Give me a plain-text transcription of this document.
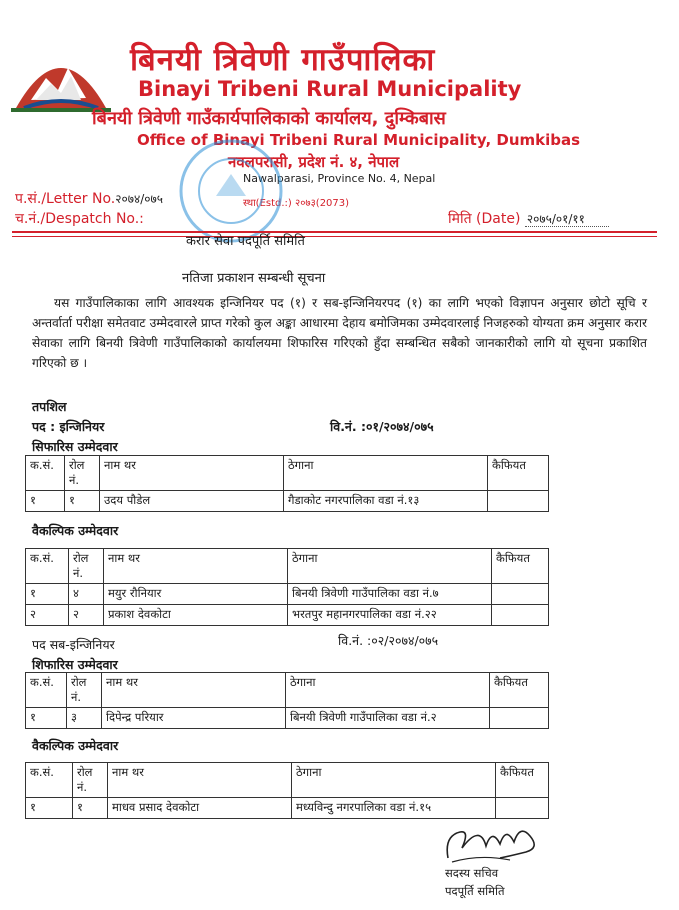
बिनयी त्रिवेणी गाउँपालिका
Binayi Tribeni Rural Municipality
बिनयी त्रिवेणी गाउँकार्यपालिकाको कार्यालय, दुम्किबास
Office of Binayi Tribeni Rural Municipality, Dumkibas
नवलपरासी, प्रदेश नं. ४, नेपाल
Nawalparasi, Province No. 4, Nepal
स्था(Estd.:) २०७३(2073)
प.सं./Letter No.२०७४/०७५
च.नं./Despatch No.:	मिति (Date) २०७५/०१/११
करार सेवा पदपूर्ति समिति
नतिजा प्रकाशन सम्बन्धी सूचना
यस गाउँपालिकाका लागि आवश्यक इन्जिनियर पद (१) र सब-इन्जिनियरपद (१) का लागि भएको विज्ञापन अनुसार छोटो सूचि र अन्तर्वार्ता परीक्षा समेतवाट उम्मेदवारले प्राप्त गरेको कुल अङ्का आधारमा देहाय बमोजिमका उम्मेदवारलाई निजहरुको योग्यता क्रम अनुसार करार सेवाका लागि बिनयी त्रिवेणी गाउँपालिकाको कार्यालयमा शिफारिस गरिएको हुँदा सम्बन्धित सबैको जानकारीको लागि यो सूचना प्रकाशित गरिएको छ ।
तपशिल
पद : इन्जिनियर	वि.नं. :०१/२०७४/०७५
सिफारिस उम्मेदवार
क.सं.	रोल नं.	नाम थर	ठेगाना	कैफियत
१	१	उदय पौडेल	गैडाकोट नगरपालिका वडा नं.१३	
वैकल्पिक उम्मेदवार
क.सं.	रोल नं.	नाम थर	ठेगाना	कैफियत
१	४	मयुर रौनियार	बिनयी त्रिवेणी गाउँपालिका वडा नं.७	
२	२	प्रकाश देवकोटा	भरतपुर महानगरपालिका वडा नं.२२	
पद सब-इन्जिनियर	वि.नं. :०२/२०७४/०७५
शिफारिस उम्मेदवार
क.सं.	रोल नं.	नाम थर	ठेगाना	कैफियत
१	३	दिपेन्द्र परियार	बिनयी त्रिवेणी गाउँपालिका वडा नं.२	
वैकल्पिक उम्मेदवार
क.सं.	रोल नं.	नाम थर	ठेगाना	कैफियत
१	१	माधव प्रसाद देवकोटा	मध्यविन्दु नगरपालिका वडा नं.१५	
सदस्य सचिव
पदपूर्ति समिति
